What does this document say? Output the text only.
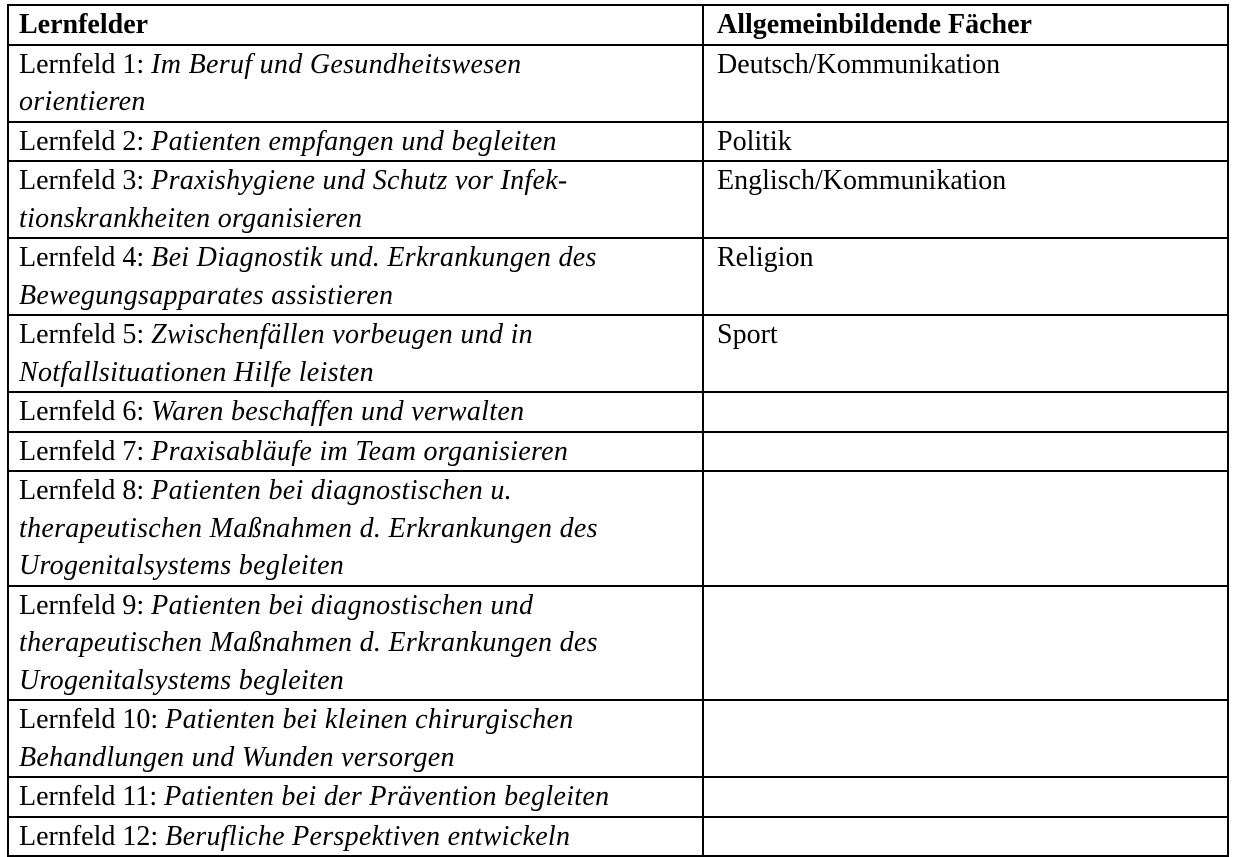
Lernfelder	Allgemeinbildende Fächer

Lernfeld 1: Im Beruf und Gesundheitswesen
orientieren	Deutsch/Kommunikation

Lernfeld 2: Patienten empfangen und begleiten	Politik

Lernfeld 3: Praxishygiene und Schutz vor Infek-
tionskrankheiten organisieren	Englisch/Kommunikation

Lernfeld 4: Bei Diagnostik und. Erkrankungen des
Bewegungsapparates assistieren	Religion

Lernfeld 5: Zwischenfällen vorbeugen und in
Notfallsituationen Hilfe leisten	Sport

Lernfeld 6: Waren beschaffen und verwalten	

Lernfeld 7: Praxisabläufe im Team organisieren	

Lernfeld 8: Patienten bei diagnostischen u.
therapeutischen Maßnahmen d. Erkrankungen des
Urogenitalsystems begleiten	

Lernfeld 9: Patienten bei diagnostischen und
therapeutischen Maßnahmen d. Erkrankungen des
Urogenitalsystems begleiten	

Lernfeld 10: Patienten bei kleinen chirurgischen
Behandlungen und Wunden versorgen	

Lernfeld 11: Patienten bei der Prävention begleiten	

Lernfeld 12: Berufliche Perspektiven entwickeln	
